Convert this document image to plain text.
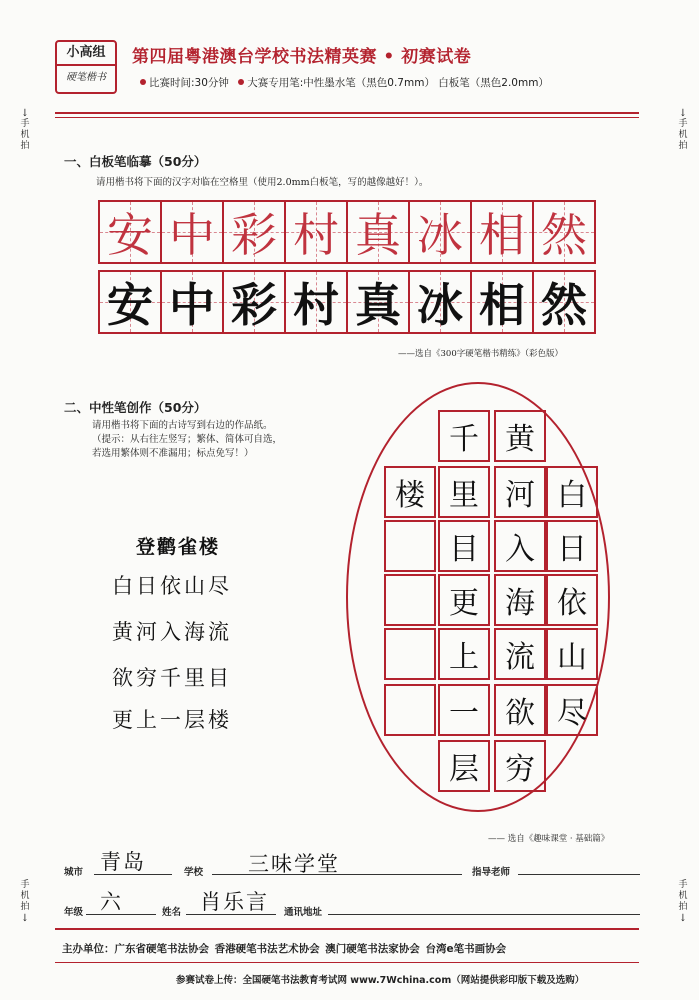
小高组
硬笔楷书
第四届粤港澳台学校书法精英赛 • 初赛试卷
比赛时间:30分钟 大赛专用笔:中性墨水笔（黑色0.7mm） 白板笔（黑色2.0mm）
↓
手
机
拍
↓
手
机
拍
手
机
拍
↓
手
机
拍
↓
一、白板笔临摹（50分）
请用楷书将下面的汉字对临在空格里（使用2.0mm白板笔，写的越像越好！）。
安 中 彩 村 真 冰 相 然
安 中 彩 村 真 冰 相 然
——选自《300字硬笔楷书精练》（彩色版）
二、中性笔创作（50分）
请用楷书将下面的古诗写到右边的作品纸。
（提示：从右往左竖写；繁体、简体可自选，
若选用繁体则不准漏用；标点免写！）
登鹳雀楼
白日依山尽
黄河入海流
欲穷千里目
更上一层楼
白
日
依
山
尽
黄
河
入
海
流
欲
穷
千
里
目
更
上
一
层
楼
—— 选自《趣味课堂 · 基础篇》
城市 青岛	学校 三味学堂	指导老师
年级 六	姓名 肖乐言 通讯地址
主办单位：广东省硬笔书法协会 香港硬笔书法艺术协会 澳门硬笔书法家协会 台湾e笔书画协会
参赛试卷上传：全国硬笔书法教育考试网 www.7Wchina.com（网站提供彩印版下载及选购）
